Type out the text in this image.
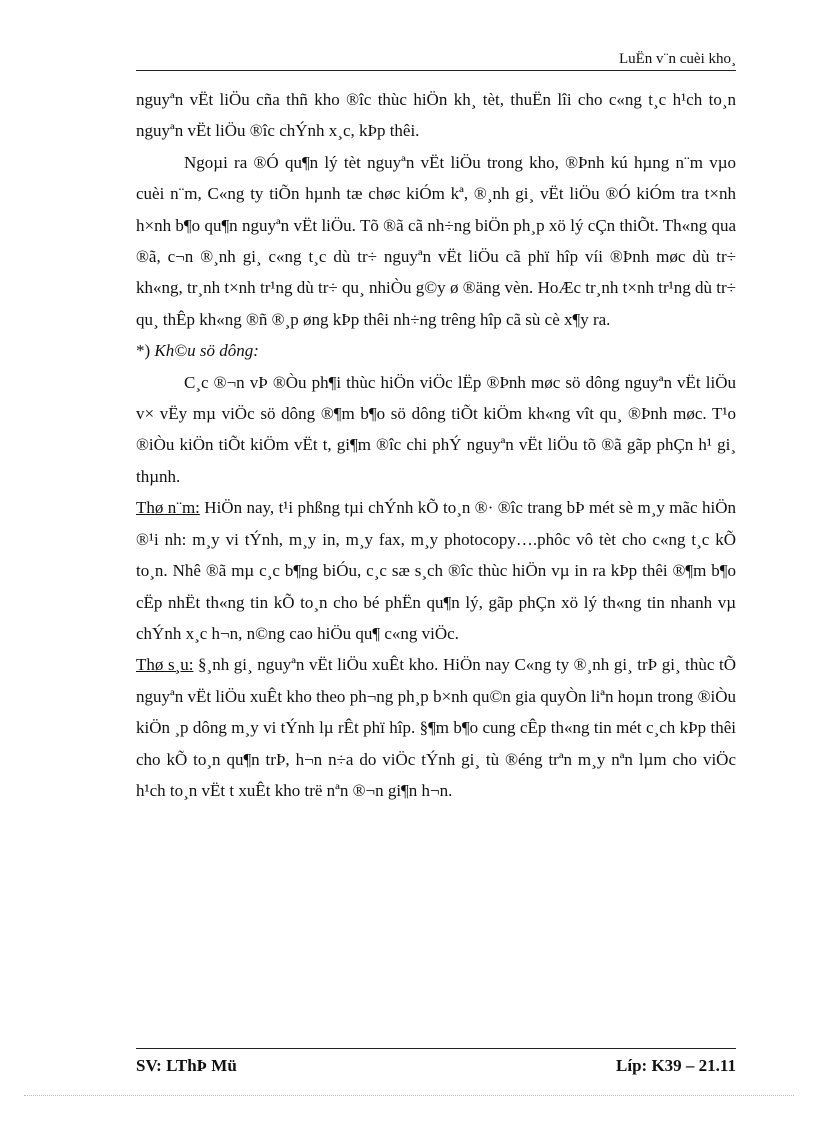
LuËn v¨n cuèi kho¸

nguyªn vËt liÖu cña thñ kho ®îc thùc hiÖn kh¸ tèt, thuËn lîi cho c«ng t¸c h¹ch to¸n nguyªn vËt liÖu ®îc chÝnh x¸c, kÞp thêi.

Ngoµi ra ®Ó qu¶n lý tèt nguyªn vËt liÖu trong kho, ®Þnh kú hµng n¨m vµo cuèi n¨m, C«ng ty tiÕn hµnh tæ chøc kiÓm kª, ®¸nh gi¸ vËt liÖu ®Ó kiÓm tra t×nh h×nh b¶o qu¶n nguyªn vËt liÖu. Tõ ®ã cã nh÷ng biÖn ph¸p xö lý cÇn thiÕt. Th«ng qua ®ã, c¬n ®¸nh gi¸ c«ng t¸c dù tr÷ nguyªn vËt liÖu cã phï hîp víi ®Þnh møc dù tr÷ kh«ng, tr¸nh t×nh tr¹ng dù tr÷ qu¸ nhiÒu g©y ø ®äng vèn. HoÆc tr¸nh t×nh tr¹ng dù tr÷ qu¸ thÊp kh«ng ®ñ ®¸p øng kÞp thêi nh÷ng trêng hîp cã sù cè x¶y ra.

*) Kh©u sö dông:

C¸c ®¬n vÞ ®Òu ph¶i thùc hiÖn viÖc lËp ®Þnh møc sö dông nguyªn vËt liÖu v× vËy mµ viÖc sö dông ®¶m b¶o sö dông tiÕt kiÖm kh«ng vît qu¸ ®Þnh møc. T¹o ®iÒu kiÖn tiÕt kiÖm vËt t, gi¶m ®îc chi phÝ nguyªn vËt liÖu tõ ®ã gãp phÇn h¹ gi¸ thµnh.

Thø n¨m: HiÖn nay, t¹i phßng tµi chÝnh kÕ to¸n ®· ®îc trang bÞ mét sè m¸y mãc hiÖn ®¹i nh: m¸y vi tÝnh, m¸y in, m¸y fax, m¸y photocopy….phôc vô tèt cho c«ng t¸c kÕ to¸n. Nhê ®ã mµ c¸c b¶ng biÓu, c¸c sæ s¸ch ®îc thùc hiÖn vµ in ra kÞp thêi ®¶m b¶o cËp nhËt th«ng tin kÕ to¸n cho bé phËn qu¶n lý, gãp phÇn xö lý th«ng tin nhanh vµ chÝnh x¸c h¬n, n©ng cao hiÖu qu¶ c«ng viÖc.

Thø s¸u: §¸nh gi¸ nguyªn vËt liÖu xuÊt kho. HiÖn nay C«ng ty ®¸nh gi¸ trÞ gi¸ thùc tÕ nguyªn vËt liÖu xuÊt kho theo ph¬ng ph¸p b×nh qu©n gia quyÒn liªn hoµn trong ®iÒu kiÖn ¸p dông m¸y vi tÝnh lµ rÊt phï hîp. §¶m b¶o cung cÊp th«ng tin mét c¸ch kÞp thêi cho kÕ to¸n qu¶n trÞ, h¬n n÷a do viÖc tÝnh gi¸ tù ®éng trªn m¸y nªn lµm cho viÖc h¹ch to¸n vËt t xuÊt kho trë nªn ®¬n gi¶n h¬n.

SV: LThÞ Mü	Líp: K39 – 21.11
